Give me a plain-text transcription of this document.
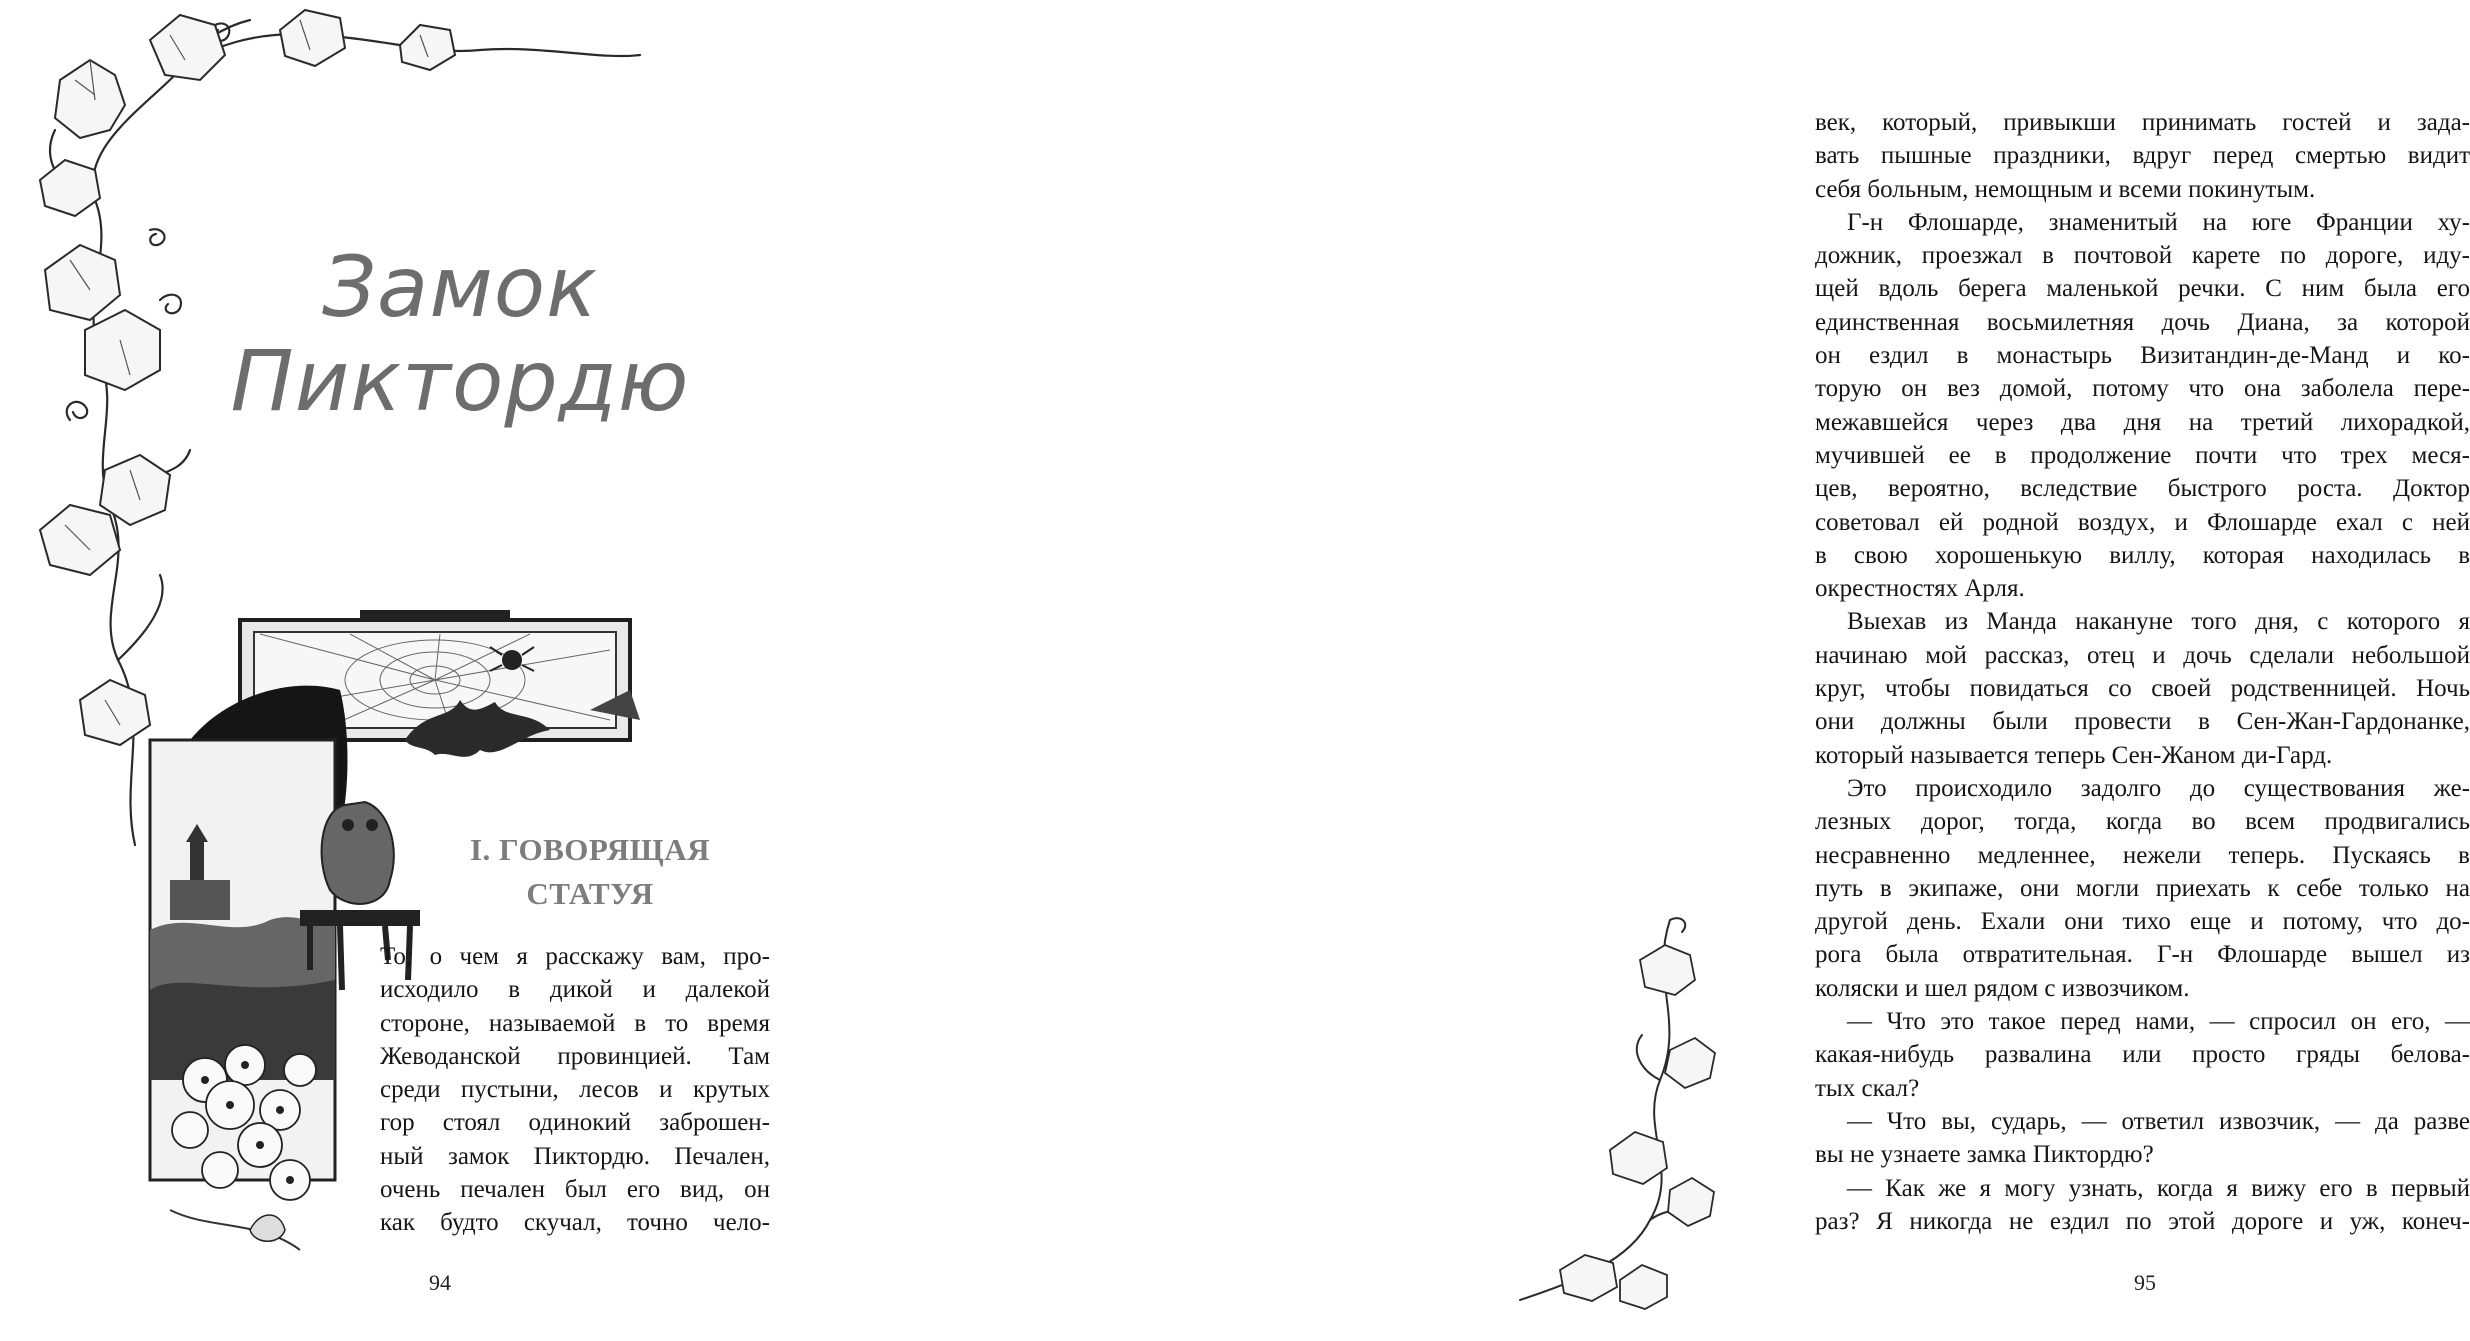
Замок
Пиктордю
I. ГОВОРЯЩАЯ
СТАТУЯ

То, о чем я расскажу вам, про-
исходило в дикой и далекой
стороне, называемой в то время
Жеводанской провинцией. Там
среди пустыни, лесов и крутых
гор стоял одинокий заброшен-
ный замок Пиктордю. Печален,
очень печален был его вид, он
как будто скучал, точно чело-

94

век, который, привыкши принимать гостей и зада-
вать пышные праздники, вдруг перед смертью видит
себя больным, немощным и всеми покинутым.
Г-н Флошарде, знаменитый на юге Франции ху-
дожник, проезжал в почтовой карете по дороге, иду-
щей вдоль берега маленькой речки. С ним была его
единственная восьмилетняя дочь Диана, за которой
он ездил в монастырь Визитандин-де-Манд и ко-
торую он вез домой, потому что она заболела пере-
межавшейся через два дня на третий лихорадкой,
мучившей ее в продолжение почти что трех меся-
цев, вероятно, вследствие быстрого роста. Доктор
советовал ей родной воздух, и Флошарде ехал с ней
в свою хорошенькую виллу, которая находилась в
окрестностях Арля.
Выехав из Манда накануне того дня, с которого я
начинаю мой рассказ, отец и дочь сделали небольшой
круг, чтобы повидаться со своей родственницей. Ночь
они должны были провести в Сен-Жан-Гардонанке,
который называется теперь Сен-Жаном ди-Гард.
Это происходило задолго до существования же-
лезных дорог, тогда, когда во всем продвигались
несравненно медленнее, нежели теперь. Пускаясь в
путь в экипаже, они могли приехать к себе только на
другой день. Ехали они тихо еще и потому, что до-
рога была отвратительная. Г-н Флошарде вышел из
коляски и шел рядом с извозчиком.
— Что это такое перед нами, — спросил он его, —
какая-нибудь развалина или просто гряды белова-
тых скал?
— Что вы, сударь, — ответил извозчик, — да разве
вы не узнаете замка Пиктордю?
— Как же я могу узнать, когда я вижу его в первый
раз? Я никогда не ездил по этой дороге и уж, конеч-

95
